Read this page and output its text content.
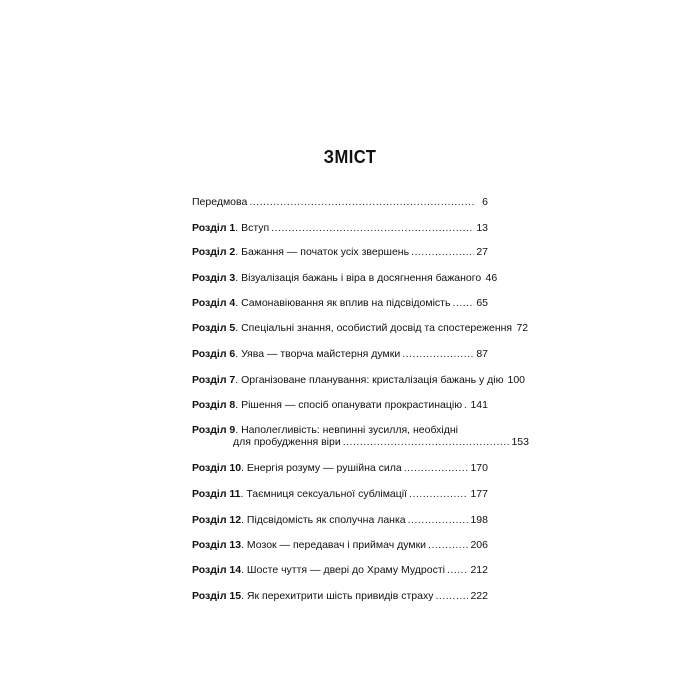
ЗМІСТ
Передмова .....	6
Розділ 1. Вступ .....	13
Розділ 2. Бажання — початок усіх звершень .....	27
Розділ 3. Візуалізація бажань і віра в досягнення бажаного 46
Розділ 4. Самонавіювання як вплив на підсвідомість ..... 65
Розділ 5. Спеціальні знання, особистий досвід та спостереження 72
Розділ 6. Уява — творча майстерня думки .....	87
Розділ 7. Організоване планування: кристалізація бажань у дію 100
Розділ 8. Рішення — спосіб опанувати прокрастинацію ..... 141
Розділ 9. Наполегливість: невпинні зусилля, необхідні
для пробудження віри .....	153
Розділ 10. Енергія розуму — рушійна сила .....	170
Розділ 11. Таємниця сексуальної сублімації .....	177
Розділ 12. Підсвідомість як сполучна ланка .....	198
Розділ 13. Мозок — передавач і приймач думки .....	206
Розділ 14. Шосте чуття — двері до Храму Мудрості ..... 212
Розділ 15. Як перехитрити шість привидів страху .....	222
